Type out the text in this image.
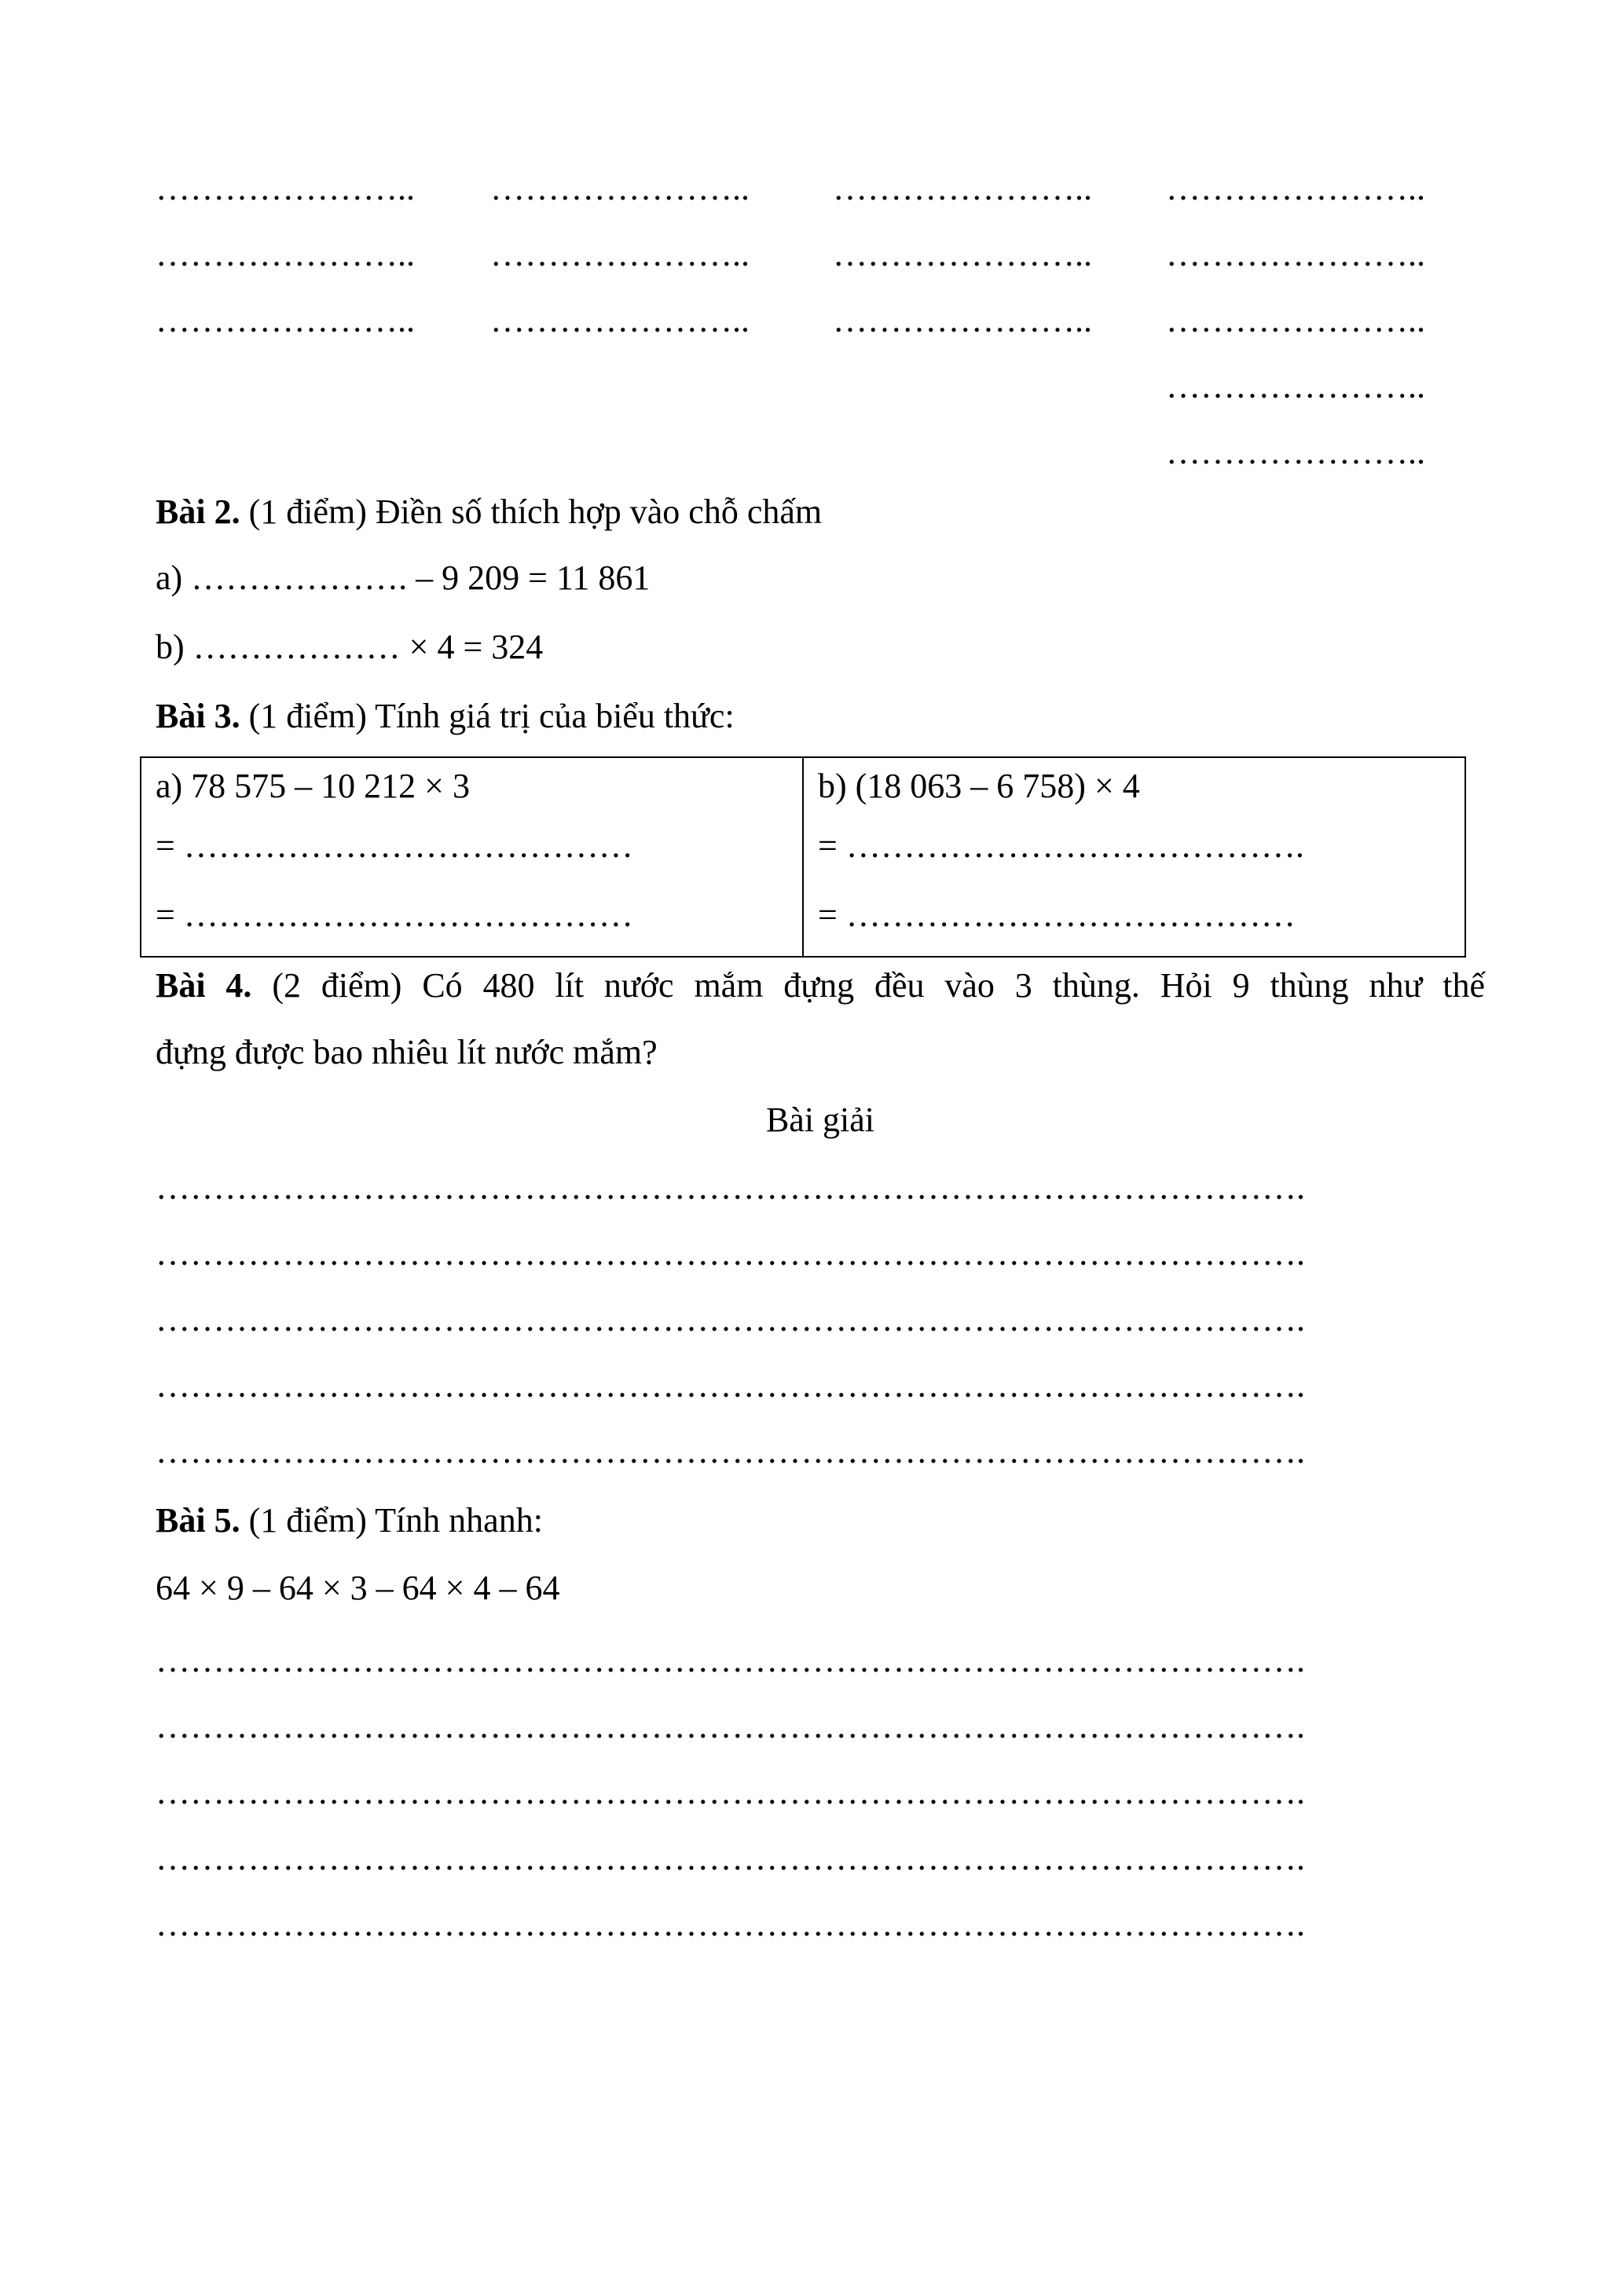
………………….. ………………….. ………………….. …………………..
………………….. ………………….. ………………….. …………………..
………………….. ………………….. ………………….. …………………..
…………………..
…………………..
Bài 2. (1 điểm) Điền số thích hợp vào chỗ chấm
a) ………………. – 9 209 = 11 861
b) ……………… × 4 = 324
Bài 3. (1 điểm) Tính giá trị của biểu thức:
a) 78 575 – 10 212 × 3
= …………………………………
= …………………………………

b) (18 063 – 6 758) × 4
= ………………………………….
= …………………………………
Bài 4. (2 điểm) Có 480 lít nước mắm đựng đều vào 3 thùng. Hỏi 9 thùng như thế
đựng được bao nhiêu lít nước mắm?
Bài giải
……………………………………………………………………………………….
……………………………………………………………………………………….
……………………………………………………………………………………….
……………………………………………………………………………………….
……………………………………………………………………………………….
Bài 5. (1 điểm) Tính nhanh:
64 × 9 – 64 × 3 – 64 × 4 – 64
……………………………………………………………………………………….
……………………………………………………………………………………….
……………………………………………………………………………………….
……………………………………………………………………………………….
……………………………………………………………………………………….
